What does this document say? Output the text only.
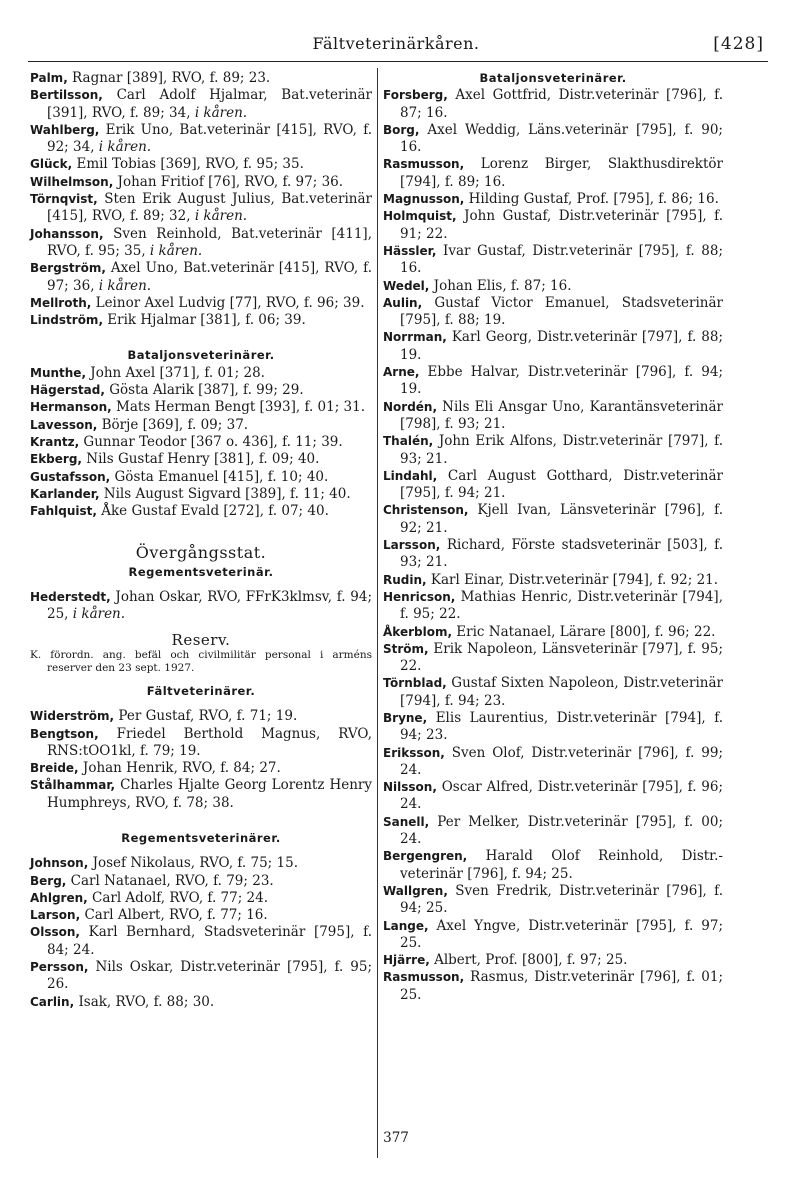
Fältveterinärkåren.	[428]
Palm, Ragnar [389], RVO, f. 89; 23.
Bertilsson, Carl Adolf Hjalmar, Bat.veterinär [391], RVO, f. 89; 34, i kåren.
Wahlberg, Erik Uno, Bat.veterinär [415], RVO, f. 92; 34, i kåren.
Glück, Emil Tobias [369], RVO, f. 95; 35.
Wilhelmson, Johan Fritiof [76], RVO, f. 97; 36.
Törnqvist, Sten Erik August Julius, Bat.veterinär [415], RVO, f. 89; 32, i kåren.
Johansson, Sven Reinhold, Bat.veterinär [411], RVO, f. 95; 35, i kåren.
Bergström, Axel Uno, Bat.veterinär [415], RVO, f. 97; 36, i kåren.
Mellroth, Leinor Axel Ludvig [77], RVO, f. 96; 39.
Lindström, Erik Hjalmar [381], f. 06; 39.
Bataljonsveterinärer.
Munthe, John Axel [371], f. 01; 28.
Hägerstad, Gösta Alarik [387], f. 99; 29.
Hermanson, Mats Herman Bengt [393], f. 01; 31.
Lavesson, Börje [369], f. 09; 37.
Krantz, Gunnar Teodor [367 o. 436], f. 11; 39.
Ekberg, Nils Gustaf Henry [381], f. 09; 40.
Gustafsson, Gösta Emanuel [415], f. 10; 40.
Karlander, Nils August Sigvard [389], f. 11; 40.
Fahlquist, Åke Gustaf Evald [272], f. 07; 40.
Övergångsstat.
Regementsveterinär.
Hederstedt, Johan Oskar, RVO, FFrK3klmsv, f. 94; 25, i kåren.
Reserv.
K. förordn. ang. befäl och civilmilitär personal i arméns reserver den 23 sept. 1927.
Fältveterinärer.
Widerström, Per Gustaf, RVO, f. 71; 19.
Bengtson, Friedel Berthold Magnus, RVO, RNS:tOO1kl, f. 79; 19.
Breide, Johan Henrik, RVO, f. 84; 27.
Stålhammar, Charles Hjalte Georg Lorentz Henry Humphreys, RVO, f. 78; 38.
Regementsveterinärer.
Johnson, Josef Nikolaus, RVO, f. 75; 15.
Berg, Carl Natanael, RVO, f. 79; 23.
Ahlgren, Carl Adolf, RVO, f. 77; 24.
Larson, Carl Albert, RVO, f. 77; 16.
Olsson, Karl Bernhard, Stadsveterinär [795], f. 84; 24.
Persson, Nils Oskar, Distr.veterinär [795], f. 95; 26.
Carlin, Isak, RVO, f. 88; 30.
Bataljonsveterinärer.
Forsberg, Axel Gottfrid, Distr.veterinär [796], f. 87; 16.
Borg, Axel Weddig, Läns.veterinär [795], f. 90; 16.
Rasmusson, Lorenz Birger, Slakthusdirektör [794], f. 89; 16.
Magnusson, Hilding Gustaf, Prof. [795], f. 86; 16.
Holmquist, John Gustaf, Distr.veterinär [795], f. 91; 22.
Hässler, Ivar Gustaf, Distr.veterinär [795], f. 88; 16.
Wedel, Johan Elis, f. 87; 16.
Aulin, Gustaf Victor Emanuel, Stadsveterinär [795], f. 88; 19.
Norrman, Karl Georg, Distr.veterinär [797], f. 88; 19.
Arne, Ebbe Halvar, Distr.veterinär [796], f. 94; 19.
Nordén, Nils Eli Ansgar Uno, Karantänsveterinär [798], f. 93; 21.
Thalén, John Erik Alfons, Distr.veterinär [797], f. 93; 21.
Lindahl, Carl August Gotthard, Distr.veterinär [795], f. 94; 21.
Christenson, Kjell Ivan, Länsveterinär [796], f. 92; 21.
Larsson, Richard, Förste stadsveterinär [503], f. 93; 21.
Rudin, Karl Einar, Distr.veterinär [794], f. 92; 21.
Henricson, Mathias Henric, Distr.veterinär [794], f. 95; 22.
Åkerblom, Eric Natanael, Lärare [800], f. 96; 22.
Ström, Erik Napoleon, Länsveterinär [797], f. 95; 22.
Törnblad, Gustaf Sixten Napoleon, Distr.veterinär [794], f. 94; 23.
Bryne, Elis Laurentius, Distr.veterinär [794], f. 94; 23.
Eriksson, Sven Olof, Distr.veterinär [796], f. 99; 24.
Nilsson, Oscar Alfred, Distr.veterinär [795], f. 96; 24.
Sanell, Per Melker, Distr.veterinär [795], f. 00; 24.
Bergengren, Harald Olof Reinhold, Distr.-veterinär [796], f. 94; 25.
Wallgren, Sven Fredrik, Distr.veterinär [796], f. 94; 25.
Lange, Axel Yngve, Distr.veterinär [795], f. 97; 25.
Hjärre, Albert, Prof. [800], f. 97; 25.
Rasmusson, Rasmus, Distr.veterinär [796], f. 01; 25.
377
